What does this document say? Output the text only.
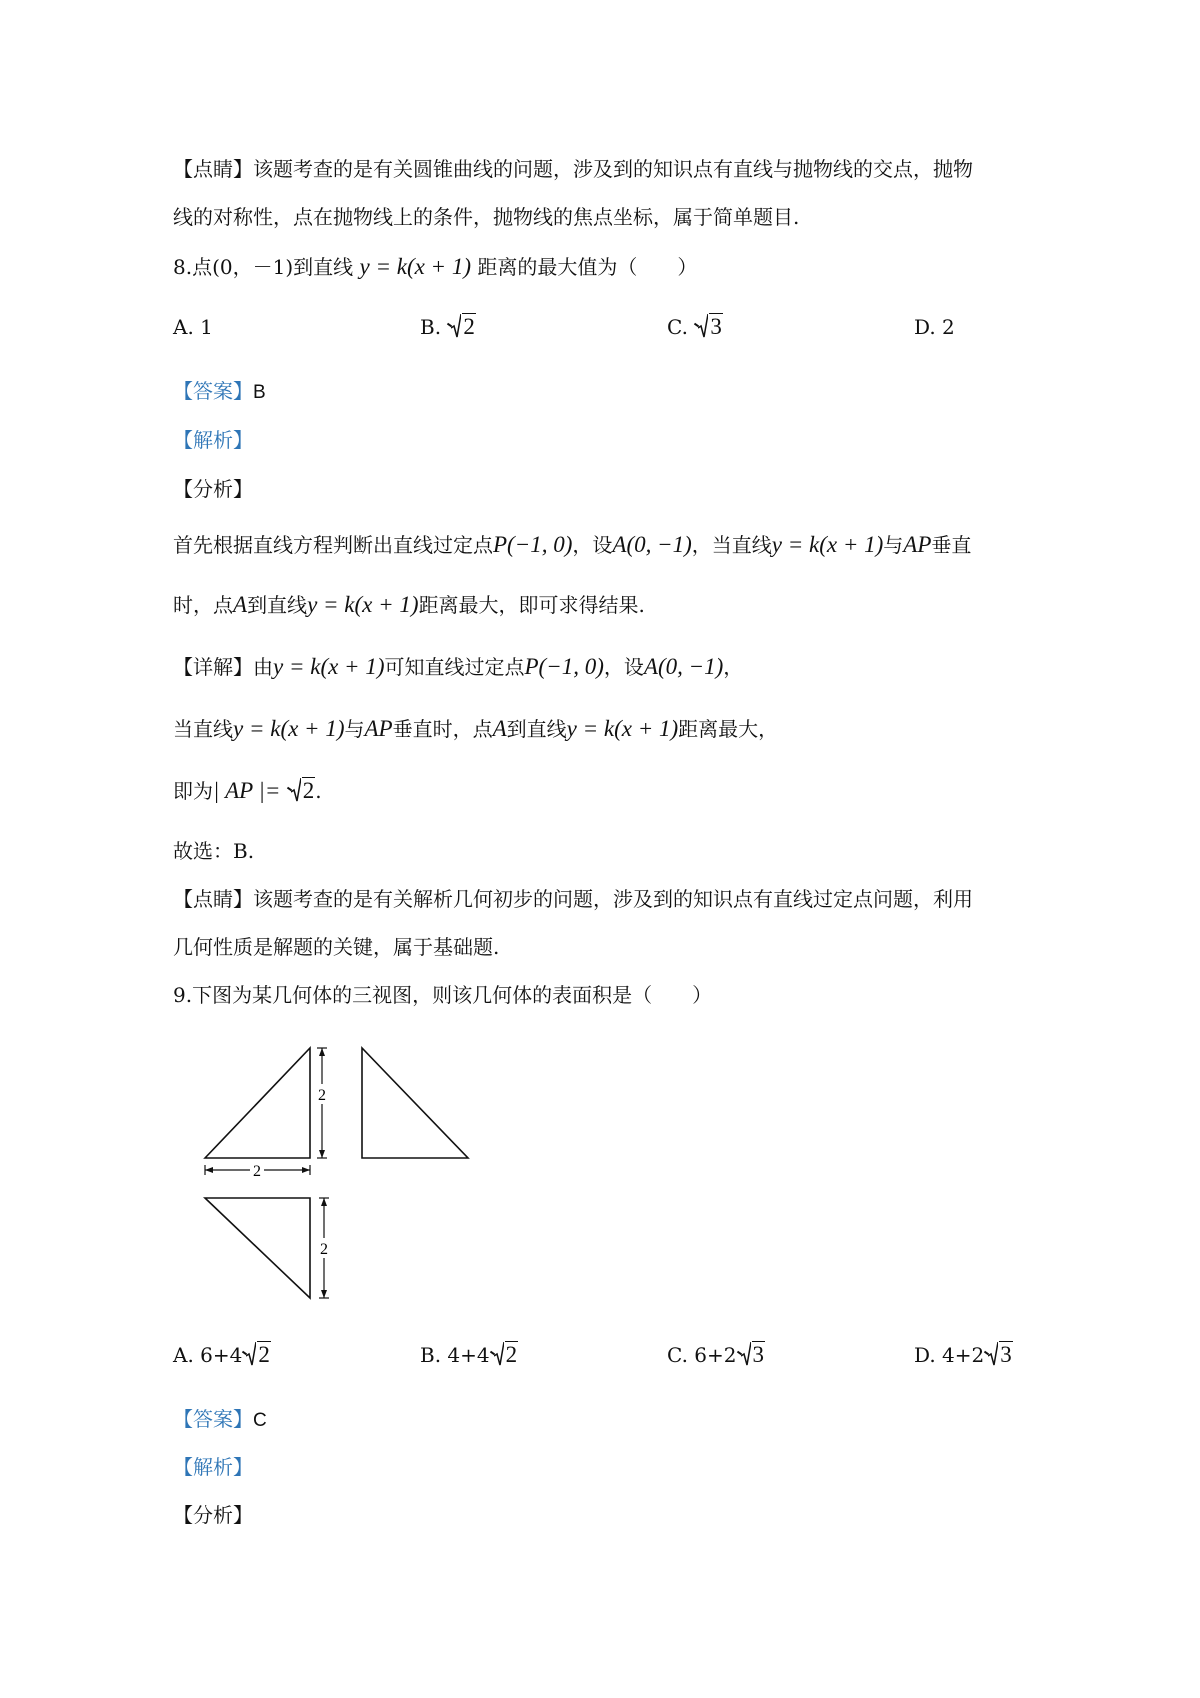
【点睛】该题考查的是有关圆锥曲线的问题，涉及到的知识点有直线与抛物线的交点，抛物
线的对称性，点在抛物线上的条件，抛物线的焦点坐标，属于简单题目.
8.点(0，－1)到直线 y = k(x + 1) 距离的最大值为（　　）
A. 1	B. 2	C. 3	D. 2
【答案】B
【解析】
【分析】
首先根据直线方程判断出直线过定点P(−1, 0)，设A(0, −1)，当直线y = k(x + 1)与AP垂直
时，点A到直线y = k(x + 1)距离最大，即可求得结果.
【详解】由y = k(x + 1)可知直线过定点P(−1, 0)，设A(0, −1)，
当直线y = k(x + 1)与AP垂直时，点A到直线y = k(x + 1)距离最大，
即为| AP |= 2.
故选：B.
【点睛】该题考查的是有关解析几何初步的问题，涉及到的知识点有直线过定点问题，利用
几何性质是解题的关键，属于基础题.
9.下图为某几何体的三视图，则该几何体的表面积是（　　）
2
2
2
A. 6+4 2	B. 4+4 2	C. 6+2 3	D. 4+2 3
【答案】C
【解析】
【分析】
